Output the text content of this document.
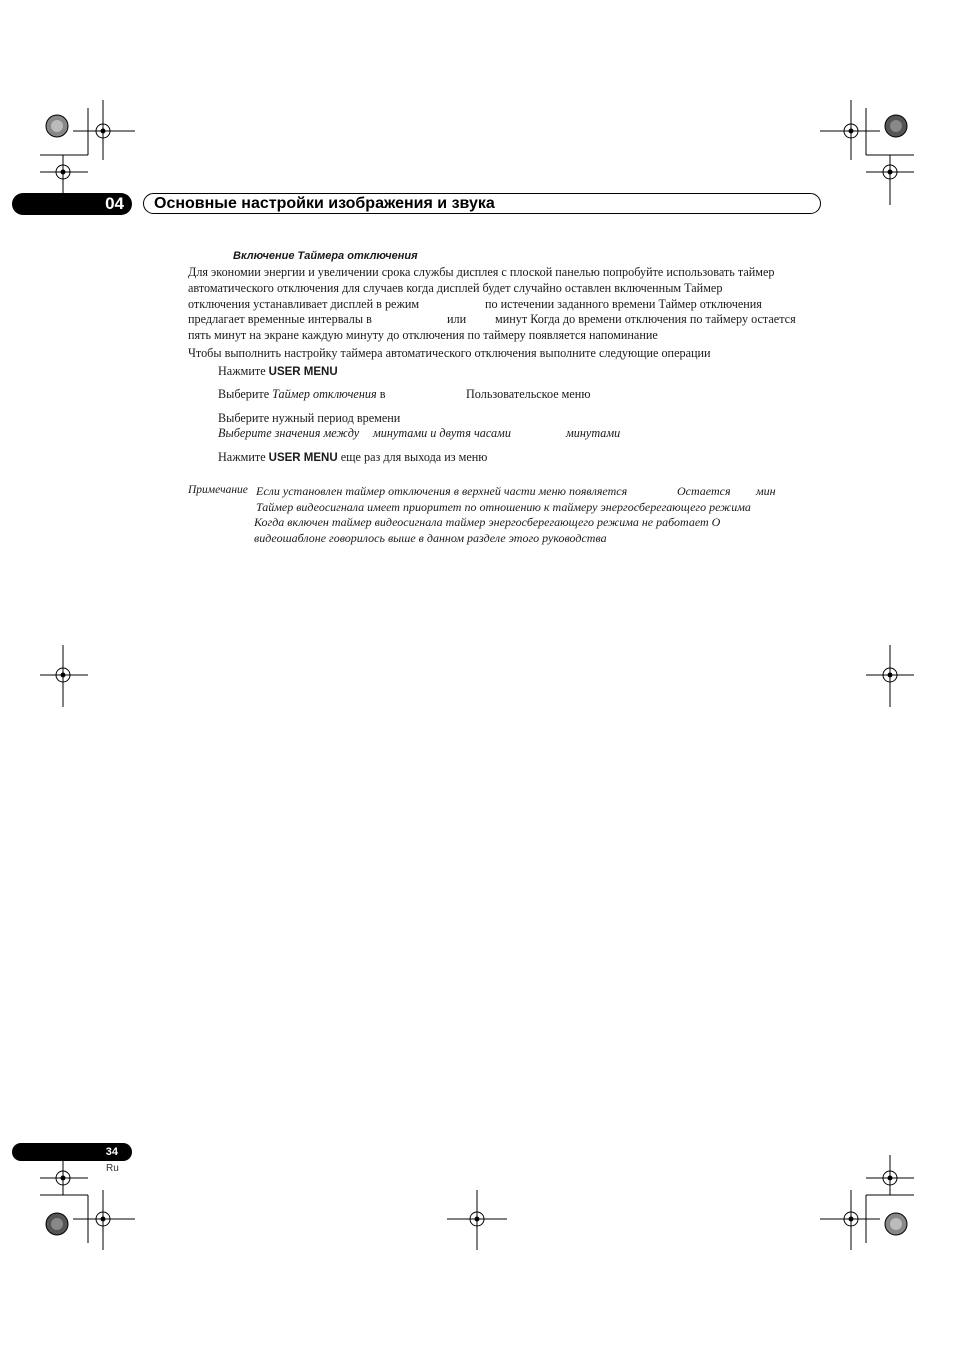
04 Основные настройки изображения и звука
Включение Таймера отключения
Для экономии энергии и увеличении срока службы дисплея с плоской панелью попробуйте использовать таймер
автоматического отключения для случаев когда дисплей будет случайно оставлен включенным Таймер
отключения устанавливает дисплей в режим	по истечении заданного времени Таймер отключения
предлагает временные интервалы в	или минут Когда до времени отключения по таймеру остается
пять минут на экране каждую минуту до отключения по таймеру появляется напоминание
Чтобы выполнить настройку таймера автоматического отключения выполните следующие операции
Нажмите USER MENU
Выберите Таймер отключения в	Пользовательское меню
Выберите нужный период времени
Выберите значения между минутами и двутя часами	минутами
Нажмите USER MENU еще раз для выхода из меню
Примечание Если установлен таймер отключения в верхней части меню появляется	Остается мин
Таймер видеосигнала имеет приоритет по отношению к таймеру энергосберегающего режима
Когда включен таймер видеосигнала таймер энергосберегающего режима не работает О
видеошаблоне говорилось выше в данном разделе этого руководства
34
Ru
